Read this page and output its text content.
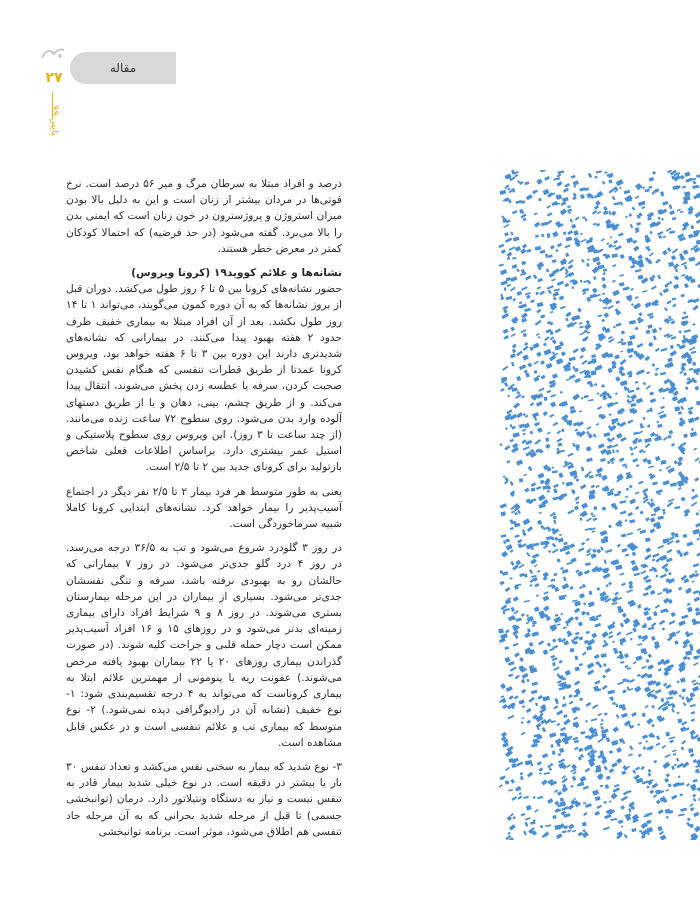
مقاله
۲۷
پاییز ۹۹

درصد و افراد مبتلا به سرطان مرگ و میر ۵۶ درصد است. نرخ فوتی‌ها در مردان بیشتر از زنان است و این به دلیل بالا بودن میزان استروژن و پروژسترون در خون زنان است که ایمنی بدن را بالا می‌برد. گفته می‌شود (در حد فرضیه) که احتمالا کودکان کمتر در معرض خطر هستند.

نشانه‌ها و علائم کووید۱۹ (کرونا ویروس)

حضور نشانه‌های کرونا بین ۵ تا ۶ روز طول می‌کشد. دوران قبل از بروز نشانه‌ها که به آن دوره کمون می‌گویند، می‌تواند ۱ تا ۱۴ روز طول بکشد. بعد از آن افراد مبتلا به بیماری خفیف ظرف حدود ۲ هفته بهبود پیدا می‌کنند. در بیمارانی که نشانه‌های شدیدتری دارند این دوره بین ۳ تا ۶ هفته خواهد بود. ویروس کرونا عمدتا از طریق قطرات تنفسی که هنگام نفس کشیدن صحبت کردن، سرفه یا عطسه زدن پخش می‌شوند، انتقال پیدا می‌کند. و از طریق چشم، بینی، دهان و یا از طریق دستهای آلوده وارد بدن می‌شود. روی سطوح ۷۲ ساعت زنده می‌مانند. (از چند ساعت تا ۳ روز). این ویروس روی سطوح پلاستیکی و استیل عمر بیشتری دارد. براساس اطلاعات فعلی شاخص بازتولید برای کرونای جدید بین ۲ تا ۲/۵ است.

یعنی به طور متوسط هر فرد بیمار ۲ تا ۲/۵ نفر دیگر در اجتماع آسیب‌پذیر را بیمار خواهد کرد. نشانه‌های ابتدایی کرونا کاملا شبیه سرماخوردگی است.

در روز ۳ گلودرد شروع می‌شود و تب به ۳۶/۵ درجه می‌رسد. در روز ۴ درد گلو جدی‌تر می‌شود. در روز ۷ بیمارانی که حالشان رو به بهبودی نرفته باشد، سرفه و تنگی نفسشان جدی‌تر می‌شود. بسیاری از بیماران در این مرحله بیمارستان بستری می‌شوند. در روز ۸ و ۹ شرایط افراد دارای بیماری زمینه‌ای بدتر می‌شود و در روزهای ۱۵ و ۱۶ افراد آسیب‌پذیر ممکن است دچار حمله قلبی و جراحت کلیه شوند. (در صورت گذراندن بیماری روزهای ۲۰ یا ۲۲ بیماران بهبود یافته مرخص می‌شوند.) عفونت ریه یا پنومونی از مهمترین علائم ابتلا به بیماری کروناست که می‌تواند به ۴ درجه تقسیم‌بندی شود: ۱- نوع خفیف (نشانه آن در رادیوگرافی دیده نمی‌شود.) ۲- نوع متوسط که بیماری تب و علائم تنفسی است و در عکس قابل مشاهده است.

۳- نوع شدید که بیمار به سختی نفس می‌کشد و تعداد تنفس ۳۰ بار یا بیشتر در دقیقه است. در نوع خیلی شدید بیمار قادر به تنفس نیست و نیاز به دستگاه ونتیلاتور دارد. درمان (توانبخشی جسمی) تا قبل از مرحله شدید بحرانی که به آن مرحله حاد تنفسی هم اطلاق می‌شود، موثر است. برنامه توانبخشی
